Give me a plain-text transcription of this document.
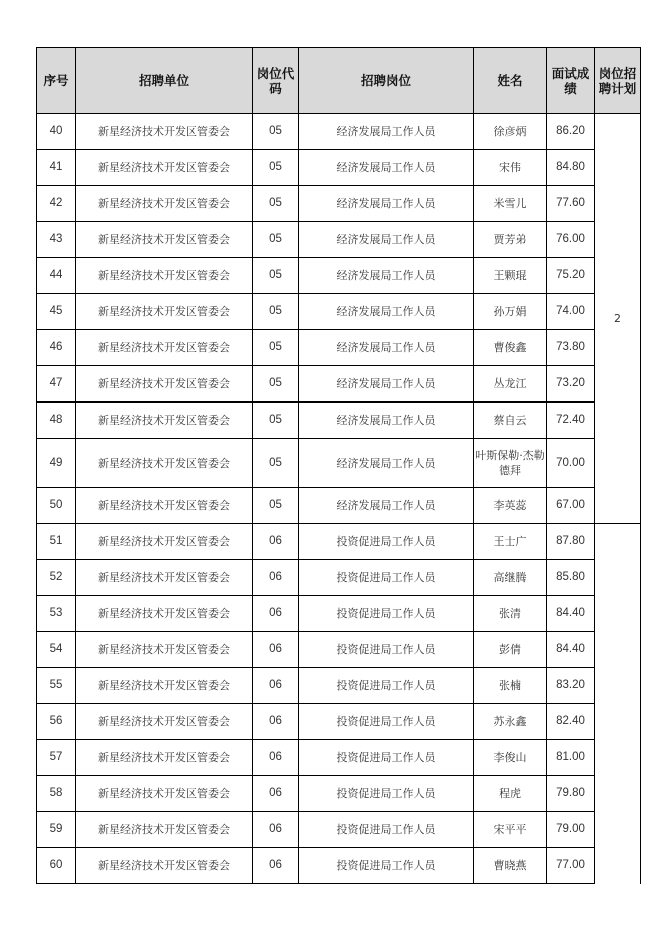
序号	招聘单位	岗位代码	招聘岗位	姓名	面试成绩	岗位招聘计划
40	新星经济技术开发区管委会	05	经济发展局工作人员	徐彦炳	86.20	2
41	新星经济技术开发区管委会	05	经济发展局工作人员	宋伟	84.80	
42	新星经济技术开发区管委会	05	经济发展局工作人员	米雪儿	77.60	
43	新星经济技术开发区管委会	05	经济发展局工作人员	贾芳弟	76.00	
44	新星经济技术开发区管委会	05	经济发展局工作人员	王颗琨	75.20	
45	新星经济技术开发区管委会	05	经济发展局工作人员	孙万娟	74.00	
46	新星经济技术开发区管委会	05	经济发展局工作人员	曹俊鑫	73.80	
47	新星经济技术开发区管委会	05	经济发展局工作人员	丛龙江	73.20	
48	新星经济技术开发区管委会	05	经济发展局工作人员	蔡自云	72.40	
49	新星经济技术开发区管委会	05	经济发展局工作人员	叶斯保勒·杰勒德拜	70.00	
50	新星经济技术开发区管委会	05	经济发展局工作人员	李英蕊	67.00	
51	新星经济技术开发区管委会	06	投资促进局工作人员	王士广	87.80	
52	新星经济技术开发区管委会	06	投资促进局工作人员	高继腾	85.80	
53	新星经济技术开发区管委会	06	投资促进局工作人员	张清	84.40	
54	新星经济技术开发区管委会	06	投资促进局工作人员	彭倩	84.40	
55	新星经济技术开发区管委会	06	投资促进局工作人员	张楠	83.20	
56	新星经济技术开发区管委会	06	投资促进局工作人员	苏永鑫	82.40	
57	新星经济技术开发区管委会	06	投资促进局工作人员	李俊山	81.00	
58	新星经济技术开发区管委会	06	投资促进局工作人员	程虎	79.80	
59	新星经济技术开发区管委会	06	投资促进局工作人员	宋平平	79.00	
60	新星经济技术开发区管委会	06	投资促进局工作人员	曹晓燕	77.00	
